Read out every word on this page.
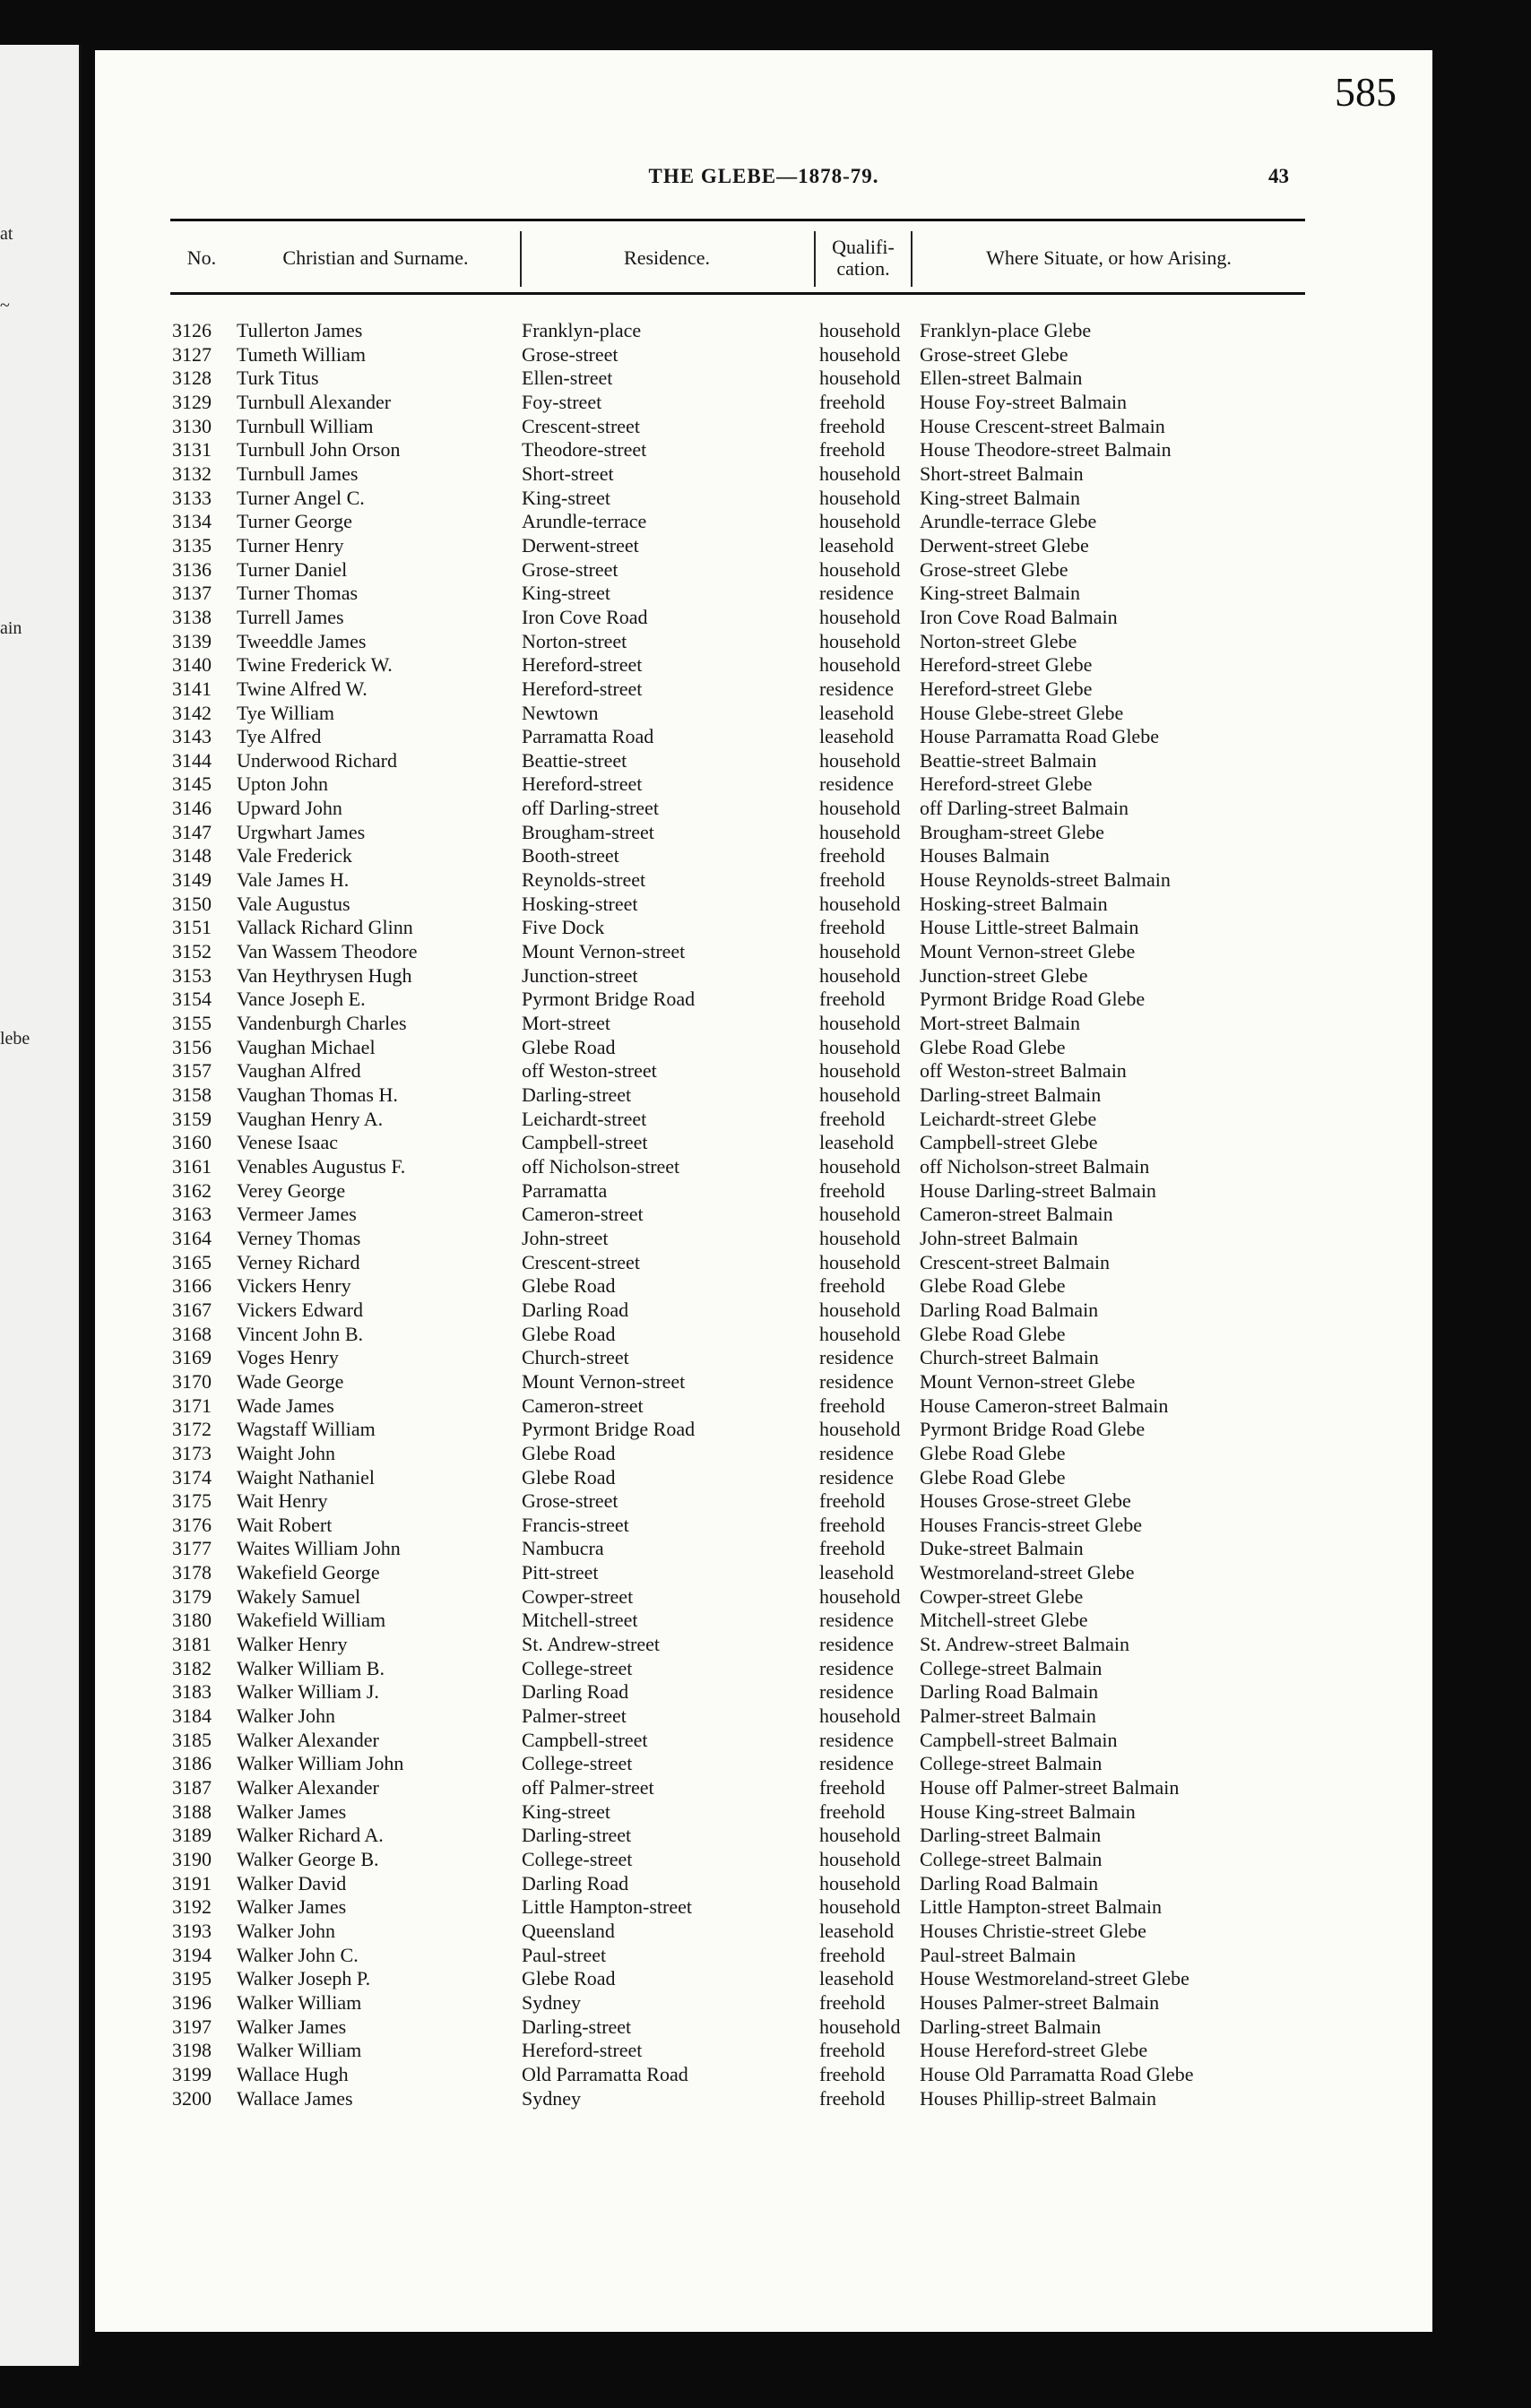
at
~
ain
lebe
585
THE GLEBE—1878-79.	43
No.	Christian and Surname.	Residence.	Qualifi-
cation.	Where Situate, or how Arising.
3126	Tullerton James	Franklyn-place	household Franklyn-place Glebe
3127	Tumeth William	Grose-street	household Grose-street Glebe
3128	Turk Titus	Ellen-street	household Ellen-street Balmain
3129	Turnbull Alexander	Foy-street	freehold House Foy-street Balmain
3130	Turnbull William	Crescent-street	freehold House Crescent-street Balmain
3131	Turnbull John Orson	Theodore-street	freehold House Theodore-street Balmain
3132	Turnbull James	Short-street	household Short-street Balmain
3133	Turner Angel C.	King-street	household King-street Balmain
3134	Turner George	Arundle-terrace	household Arundle-terrace Glebe
3135	Turner Henry	Derwent-street	leasehold Derwent-street Glebe
3136	Turner Daniel	Grose-street	household Grose-street Glebe
3137	Turner Thomas	King-street	residence King-street Balmain
3138	Turrell James	Iron Cove Road	household Iron Cove Road Balmain
3139	Tweeddle James	Norton-street	household Norton-street Glebe
3140	Twine Frederick W.	Hereford-street	household Hereford-street Glebe
3141	Twine Alfred W.	Hereford-street	residence Hereford-street Glebe
3142	Tye William	Newtown	leasehold House Glebe-street Glebe
3143	Tye Alfred	Parramatta Road	leasehold House Parramatta Road Glebe
3144	Underwood Richard	Beattie-street	household Beattie-street Balmain
3145	Upton John	Hereford-street	residence Hereford-street Glebe
3146	Upward John	off Darling-street	household off Darling-street Balmain
3147	Urgwhart James	Brougham-street	household Brougham-street Glebe
3148	Vale Frederick	Booth-street	freehold Houses Balmain
3149	Vale James H.	Reynolds-street	freehold House Reynolds-street Balmain
3150	Vale Augustus	Hosking-street	household Hosking-street Balmain
3151	Vallack Richard Glinn	Five Dock	freehold House Little-street Balmain
3152	Van Wassem Theodore	Mount Vernon-street	household Mount Vernon-street Glebe
3153	Van Heythrysen Hugh	Junction-street	household Junction-street Glebe
3154	Vance Joseph E.	Pyrmont Bridge Road	freehold Pyrmont Bridge Road Glebe
3155	Vandenburgh Charles	Mort-street	household Mort-street Balmain
3156	Vaughan Michael	Glebe Road	household Glebe Road Glebe
3157	Vaughan Alfred	off Weston-street	household off Weston-street Balmain
3158	Vaughan Thomas H.	Darling-street	household Darling-street Balmain
3159	Vaughan Henry A.	Leichardt-street	freehold Leichardt-street Glebe
3160	Venese Isaac	Campbell-street	leasehold Campbell-street Glebe
3161	Venables Augustus F.	off Nicholson-street	household off Nicholson-street Balmain
3162	Verey George	Parramatta	freehold House Darling-street Balmain
3163	Vermeer James	Cameron-street	household Cameron-street Balmain
3164	Verney Thomas	John-street	household John-street Balmain
3165	Verney Richard	Crescent-street	household Crescent-street Balmain
3166	Vickers Henry	Glebe Road	freehold Glebe Road Glebe
3167	Vickers Edward	Darling Road	household Darling Road Balmain
3168	Vincent John B.	Glebe Road	household Glebe Road Glebe
3169	Voges Henry	Church-street	residence Church-street Balmain
3170	Wade George	Mount Vernon-street	residence Mount Vernon-street Glebe
3171	Wade James	Cameron-street	freehold House Cameron-street Balmain
3172	Wagstaff William	Pyrmont Bridge Road	household Pyrmont Bridge Road Glebe
3173	Waight John	Glebe Road	residence Glebe Road Glebe
3174	Waight Nathaniel	Glebe Road	residence Glebe Road Glebe
3175	Wait Henry	Grose-street	freehold Houses Grose-street Glebe
3176	Wait Robert	Francis-street	freehold Houses Francis-street Glebe
3177	Waites William John	Nambucra	freehold Duke-street Balmain
3178	Wakefield George	Pitt-street	leasehold Westmoreland-street Glebe
3179	Wakely Samuel	Cowper-street	household Cowper-street Glebe
3180	Wakefield William	Mitchell-street	residence Mitchell-street Glebe
3181	Walker Henry	St. Andrew-street	residence St. Andrew-street Balmain
3182	Walker William B.	College-street	residence College-street Balmain
3183	Walker William J.	Darling Road	residence Darling Road Balmain
3184	Walker John	Palmer-street	household Palmer-street Balmain
3185	Walker Alexander	Campbell-street	residence Campbell-street Balmain
3186	Walker William John	College-street	residence College-street Balmain
3187	Walker Alexander	off Palmer-street	freehold House off Palmer-street Balmain
3188	Walker James	King-street	freehold House King-street Balmain
3189	Walker Richard A.	Darling-street	household Darling-street Balmain
3190	Walker George B.	College-street	household College-street Balmain
3191	Walker David	Darling Road	household Darling Road Balmain
3192	Walker James	Little Hampton-street	household Little Hampton-street Balmain
3193	Walker John	Queensland	leasehold Houses Christie-street Glebe
3194	Walker John C.	Paul-street	freehold Paul-street Balmain
3195	Walker Joseph P.	Glebe Road	leasehold House Westmoreland-street Glebe
3196	Walker William	Sydney	freehold Houses Palmer-street Balmain
3197	Walker James	Darling-street	household Darling-street Balmain
3198	Walker William	Hereford-street	freehold House Hereford-street Glebe
3199	Wallace Hugh	Old Parramatta Road	freehold House Old Parramatta Road Glebe
3200	Wallace James	Sydney	freehold Houses Phillip-street Balmain
